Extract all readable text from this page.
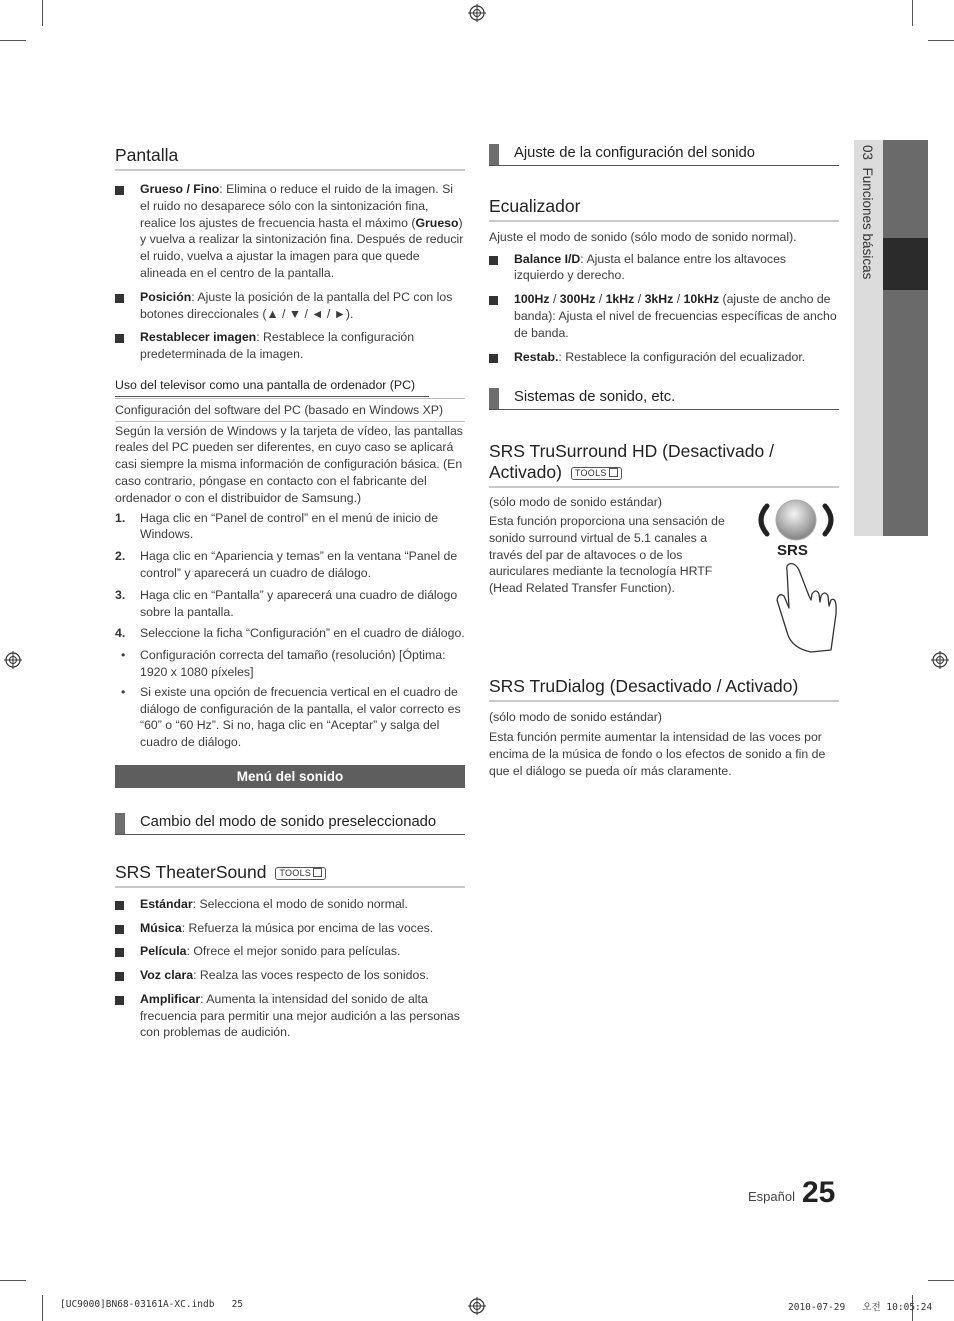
03  Funciones básicas
Pantalla
Grueso / Fino: Elimina o reduce el ruido de la imagen. Si el ruido no desaparece sólo con la sintonización fina, realice los ajustes de frecuencia hasta el máximo (Grueso) y vuelva a realizar la sintonización fina. Después de reducir el ruido, vuelva a ajustar la imagen para que quede alineada en el centro de la pantalla.
Posición: Ajuste la posición de la pantalla del PC con los botones direccionales (▲ / ▼ / ◄ / ►).
Restablecer imagen: Restablece la configuración predeterminada de la imagen.
Uso del televisor como una pantalla de ordenador (PC)
Configuración del software del PC (basado en Windows XP)
Según la versión de Windows y la tarjeta de vídeo, las pantallas reales del PC pueden ser diferentes, en cuyo caso se aplicará casi siempre la misma información de configuración básica. (En caso contrario, póngase en contacto con el fabricante del ordenador o con el distribuidor de Samsung.)
1. Haga clic en “Panel de control” en el menú de inicio de Windows.
2. Haga clic en “Apariencia y temas” en la ventana “Panel de control” y aparecerá un cuadro de diálogo.
3. Haga clic en “Pantalla” y aparecerá una cuadro de diálogo sobre la pantalla.
4. Seleccione la ficha “Configuración” en el cuadro de diálogo.
• Configuración correcta del tamaño (resolución) [Óptima: 1920 x 1080 píxeles]
• Si existe una opción de frecuencia vertical en el cuadro de diálogo de configuración de la pantalla, el valor correcto es “60” o “60 Hz”. Si no, haga clic en “Aceptar” y salga del cuadro de diálogo.
Menú del sonido
Cambio del modo de sonido preseleccionado
SRS TheaterSound TOOLS
Estándar: Selecciona el modo de sonido normal.
Música: Refuerza la música por encima de las voces.
Película: Ofrece el mejor sonido para películas.
Voz clara: Realza las voces respecto de los sonidos.
Amplificar: Aumenta la intensidad del sonido de alta frecuencia para permitir una mejor audición a las personas con problemas de audición.
Ajuste de la configuración del sonido
Ecualizador
Ajuste el modo de sonido (sólo modo de sonido normal).
Balance I/D: Ajusta el balance entre los altavoces izquierdo y derecho.
100Hz / 300Hz / 1kHz / 3kHz / 10kHz (ajuste de ancho de banda): Ajusta el nivel de frecuencias específicas de ancho de banda.
Restab.: Restablece la configuración del ecualizador.
Sistemas de sonido, etc.
SRS TruSurround HD (Desactivado / Activado) TOOLS
(sólo modo de sonido estándar)
Esta función proporciona una sensación de sonido surround virtual de 5.1 canales a través del par de altavoces o de los auriculares mediante la tecnología HRTF (Head Related Transfer Function).
SRS
SRS TruDialog (Desactivado / Activado)
(sólo modo de sonido estándar)
Esta función permite aumentar la intensidad de las voces por encima de la música de fondo o los efectos de sonido a fin de que el diálogo se pueda oír más claramente.
Español 25
[UC9000]BN68-03161A-XC.indb   25	2010-07-29   오전 10:05:24
